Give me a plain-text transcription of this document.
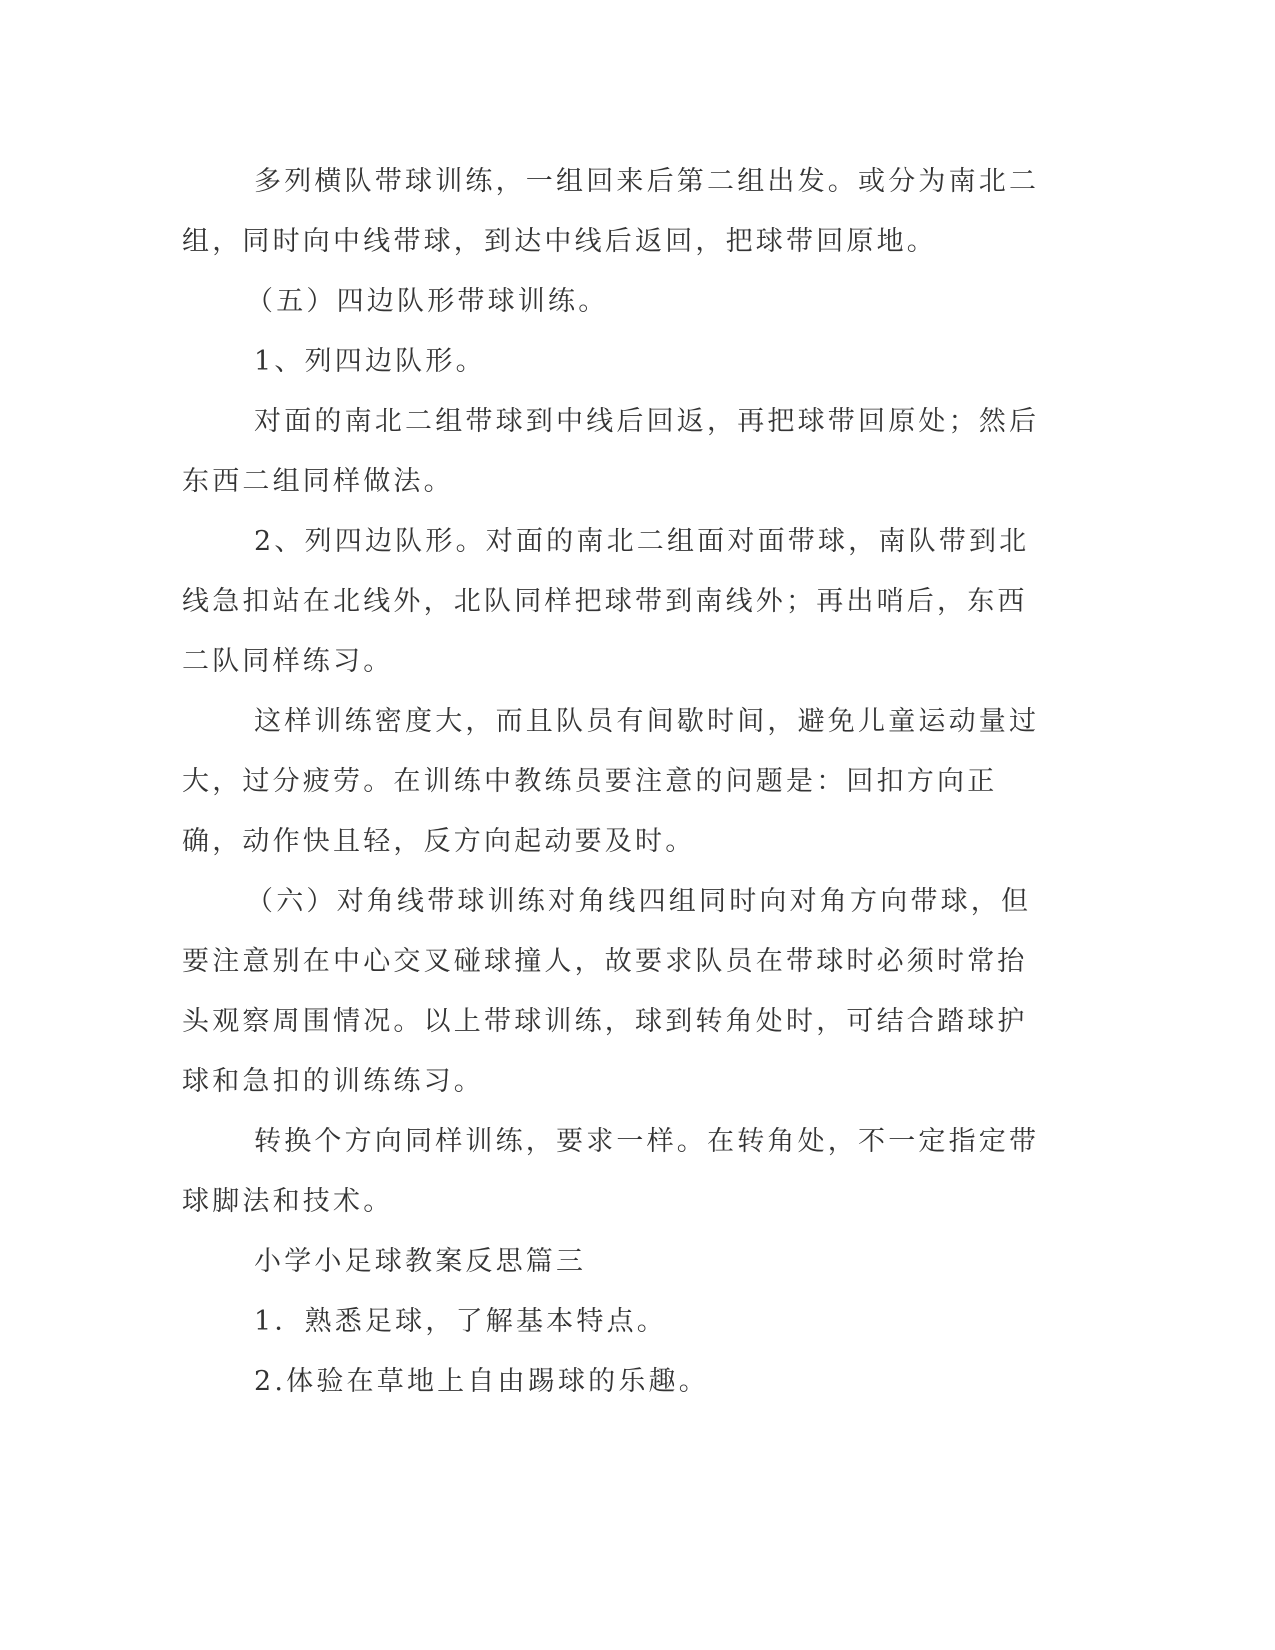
多列横队带球训练，一组回来后第二组出发。或分为南北二组，同时向中线带球，到达中线后返回，把球带回原地。

（五）四边队形带球训练。

1、列四边队形。

对面的南北二组带球到中线后回返，再把球带回原处；然后东西二组同样做法。

2、列四边队形。对面的南北二组面对面带球，南队带到北线急扣站在北线外，北队同样把球带到南线外；再出哨后，东西二队同样练习。

这样训练密度大，而且队员有间歇时间，避免儿童运动量过大，过分疲劳。在训练中教练员要注意的问题是：回扣方向正确，动作快且轻，反方向起动要及时。

（六）对角线带球训练对角线四组同时向对角方向带球，但要注意别在中心交叉碰球撞人，故要求队员在带球时必须时常抬头观察周围情况。以上带球训练，球到转角处时，可结合踏球护球和急扣的训练练习。

转换个方向同样训练，要求一样。在转角处，不一定指定带球脚法和技术。

小学小足球教案反思篇三

1．熟悉足球，了解基本特点。

2.体验在草地上自由踢球的乐趣。
